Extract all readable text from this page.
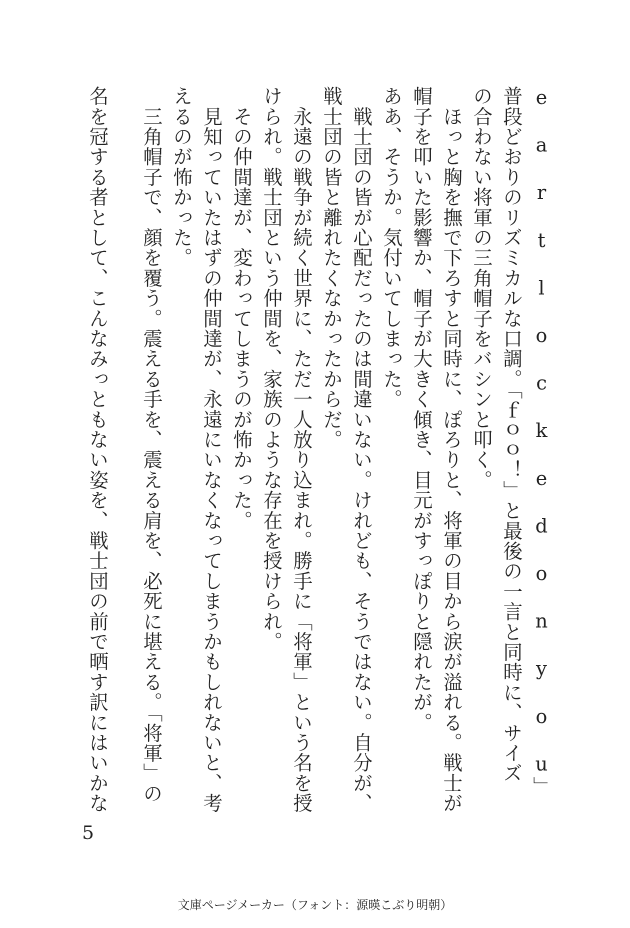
e a r t l o c k e d o n y o u」
普段どおりのリズミカルな口調。「ｆｏｏ！」と最後の一言と同時に、サイズ
の合わない将軍の三角帽子をバシンと叩く。
　ほっと胸を撫で下ろすと同時に、ぽろりと、将軍の目から涙が溢れる。戦士が
帽子を叩いた影響か、帽子が大きく傾き、目元がすっぽりと隠れたが。
ああ、そうか。気付いてしまった。
　戦士団の皆が心配だったのは間違いない。けれども、そうではない。自分が、
戦士団の皆と離れたくなかったからだ。
　永遠の戦争が続く世界に、ただ一人放り込まれ。勝手に「将軍」という名を授
けられ。戦士団という仲間を、家族のような存在を授けられ。
　その仲間達が、変わってしまうのが怖かった。
　見知っていたはずの仲間達が、永遠にいなくなってしまうかもしれないと、考
えるのが怖かった。
　三角帽子で、顔を覆う。震える手を、震える肩を、必死に堪える。「将軍」の
名を冠する者として、こんなみっともない姿を、戦士団の前で晒す訳にはいかな
5
文庫ページメーカー（フォント：源暎こぶり明朝）
